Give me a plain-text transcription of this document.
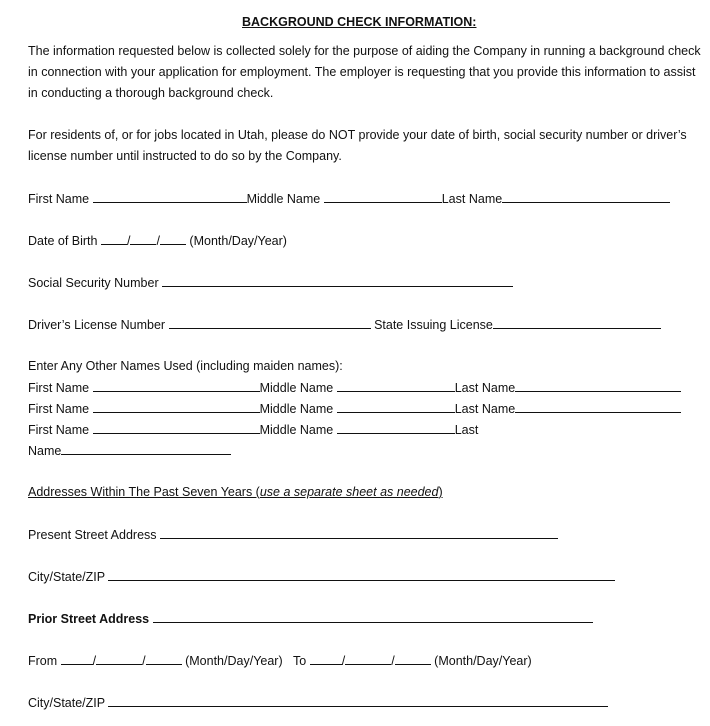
BACKGROUND CHECK INFORMATION:
The information requested below is collected solely for the purpose of aiding the Company in running a background check
in connection with your application for employment. The employer is requesting that you provide this information to assist
in conducting a thorough background check.
For residents of, or for jobs located in Utah, please do NOT provide your date of birth, social security number or driver’s
license number until instructed to do so by the Company.
First Name	Middle Name	Last Name
Date of Birth / / (Month/Day/Year)
Social Security Number
Driver’s License Number	State Issuing License
Enter Any Other Names Used (including maiden names):
First Name	Middle Name	Last Name
First Name	Middle Name	Last Name
First Name	Middle Name	Last
Name
Addresses Within The Past Seven Years (use a separate sheet as needed)
Present Street Address
City/State/ZIP
Prior Street Address
From	/	/	(Month/Day/Year) To	/	/	(Month/Day/Year)
City/State/ZIP
